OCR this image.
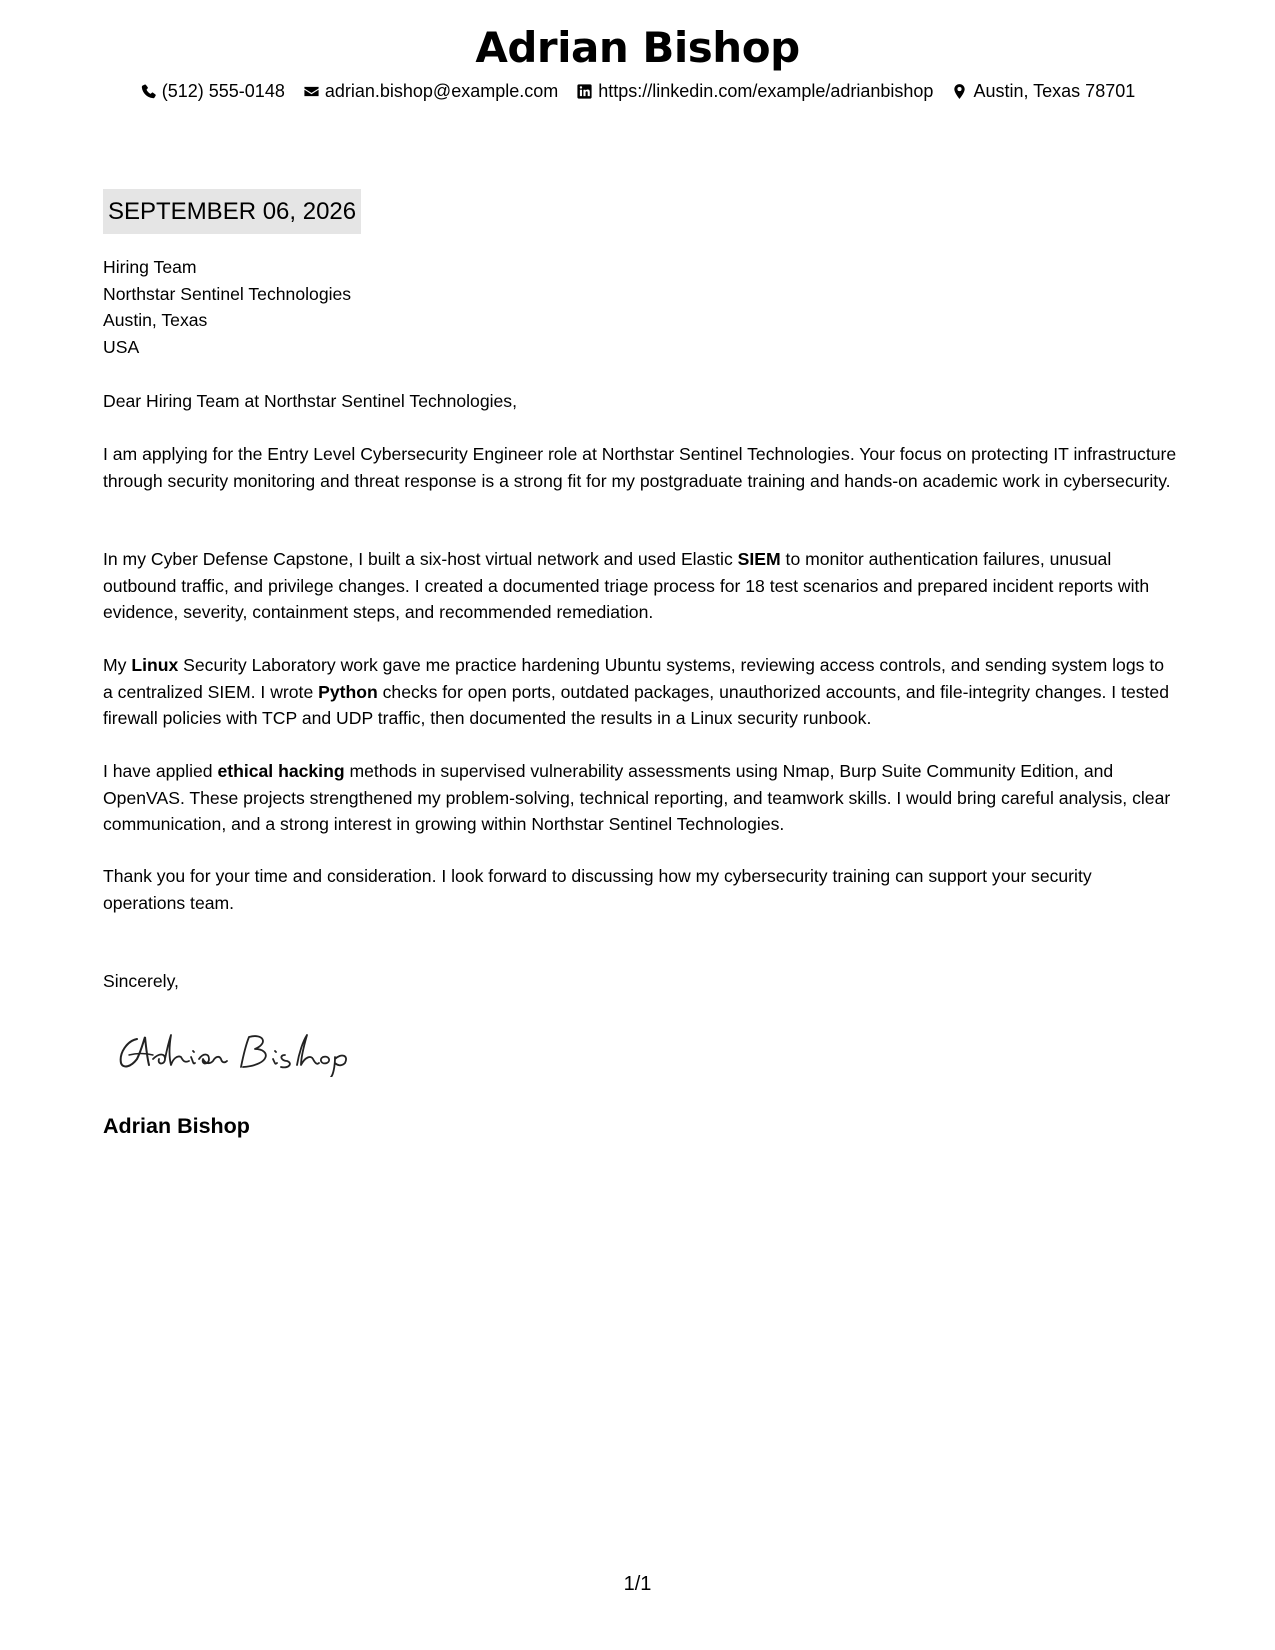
Adrian Bishop
(512) 555-0148 adrian.bishop@example.com https://linkedin.com/example/adrianbishop Austin, Texas 78701
SEPTEMBER 06, 2026

Hiring Team

Northstar Sentinel Technologies

Austin, Texas

USA

Dear Hiring Team at Northstar Sentinel Technologies,
I am applying for the Entry Level Cybersecurity Engineer role at Northstar Sentinel Technologies. Your focus on protecting IT infrastructure through security monitoring and threat response is a strong fit for my postgraduate training and hands-on academic work in cybersecurity.
In my Cyber Defense Capstone, I built a six-host virtual network and used Elastic SIEM to monitor authentication failures, unusual outbound traffic, and privilege changes. I created a documented triage process for 18 test scenarios and prepared incident reports with evidence, severity, containment steps, and recommended remediation.
My Linux Security Laboratory work gave me practice hardening Ubuntu systems, reviewing access controls, and sending system logs to a centralized SIEM. I wrote Python checks for open ports, outdated packages, unauthorized accounts, and file-integrity changes. I tested firewall policies with TCP and UDP traffic, then documented the results in a Linux security runbook.
I have applied ethical hacking methods in supervised vulnerability assessments using Nmap, Burp Suite Community Edition, and OpenVAS. These projects strengthened my problem-solving, technical reporting, and teamwork skills. I would bring careful analysis, clear communication, and a strong interest in growing within Northstar Sentinel Technologies.
Thank you for your time and consideration. I look forward to discussing how my cybersecurity training can support your security operations team.
Sincerely,
Adrian Bishop
1/1
